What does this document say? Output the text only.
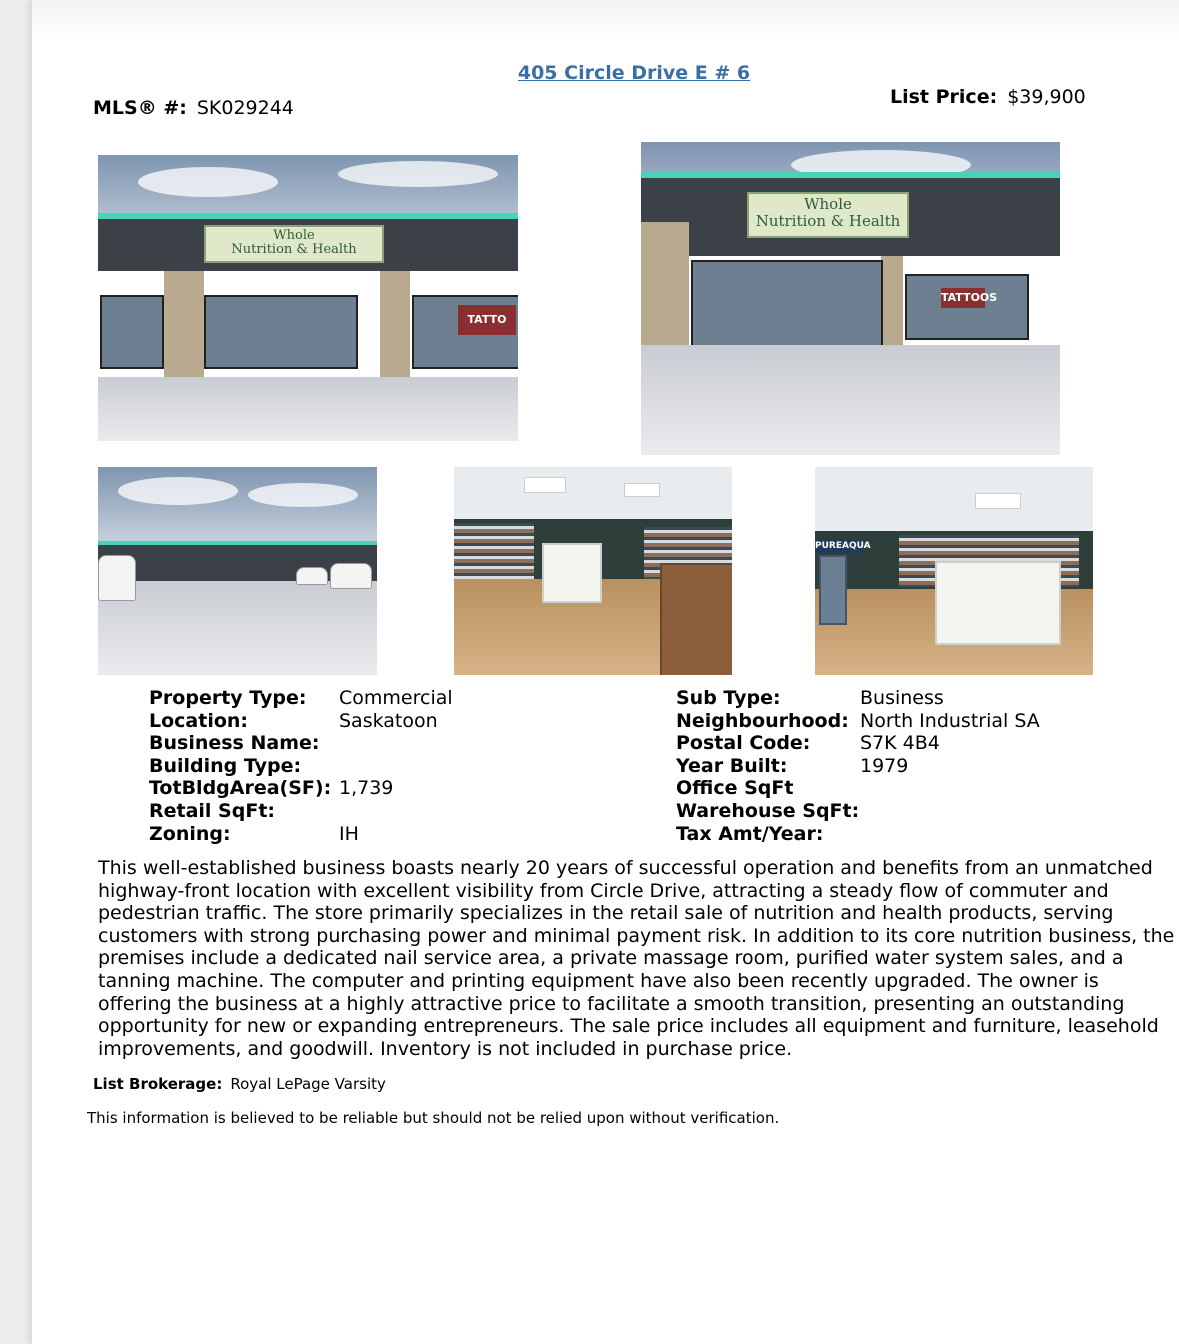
405 Circle Drive E # 6
MLS® #: SK029244	List Price: $39,900
Whole
Nutrition & Health
TATTO
Whole
Nutrition & Health
TATTOOS
PUREAQUA
Property Type:	Commercial
Location:	Saskatoon
Business Name:
Building Type:
TotBldgArea(SF): 1,739
Retail SqFt:
Zoning:	IH
Sub Type:	Business
Neighbourhood: North Industrial SA
Postal Code:	S7K 4B4
Year Built:	1979
Office SqFt
Warehouse SqFt:
Tax Amt/Year:
This well-established business boasts nearly 20 years of successful operation and benefits from an unmatched highway-front location with excellent visibility from Circle Drive, attracting a steady flow of commuter and pedestrian traffic. The store primarily specializes in the retail sale of nutrition and health products, serving customers with strong purchasing power and minimal payment risk. In addition to its core nutrition business, the premises include a dedicated nail service area, a private massage room, purified water system sales, and a tanning machine. The computer and printing equipment have also been recently upgraded. The owner is offering the business at a highly attractive price to facilitate a smooth transition, presenting an outstanding opportunity for new or expanding entrepreneurs. The sale price includes all equipment and furniture, leasehold improvements, and goodwill. Inventory is not included in purchase price.
List Brokerage: Royal LePage Varsity
This information is believed to be reliable but should not be relied upon without verification.
